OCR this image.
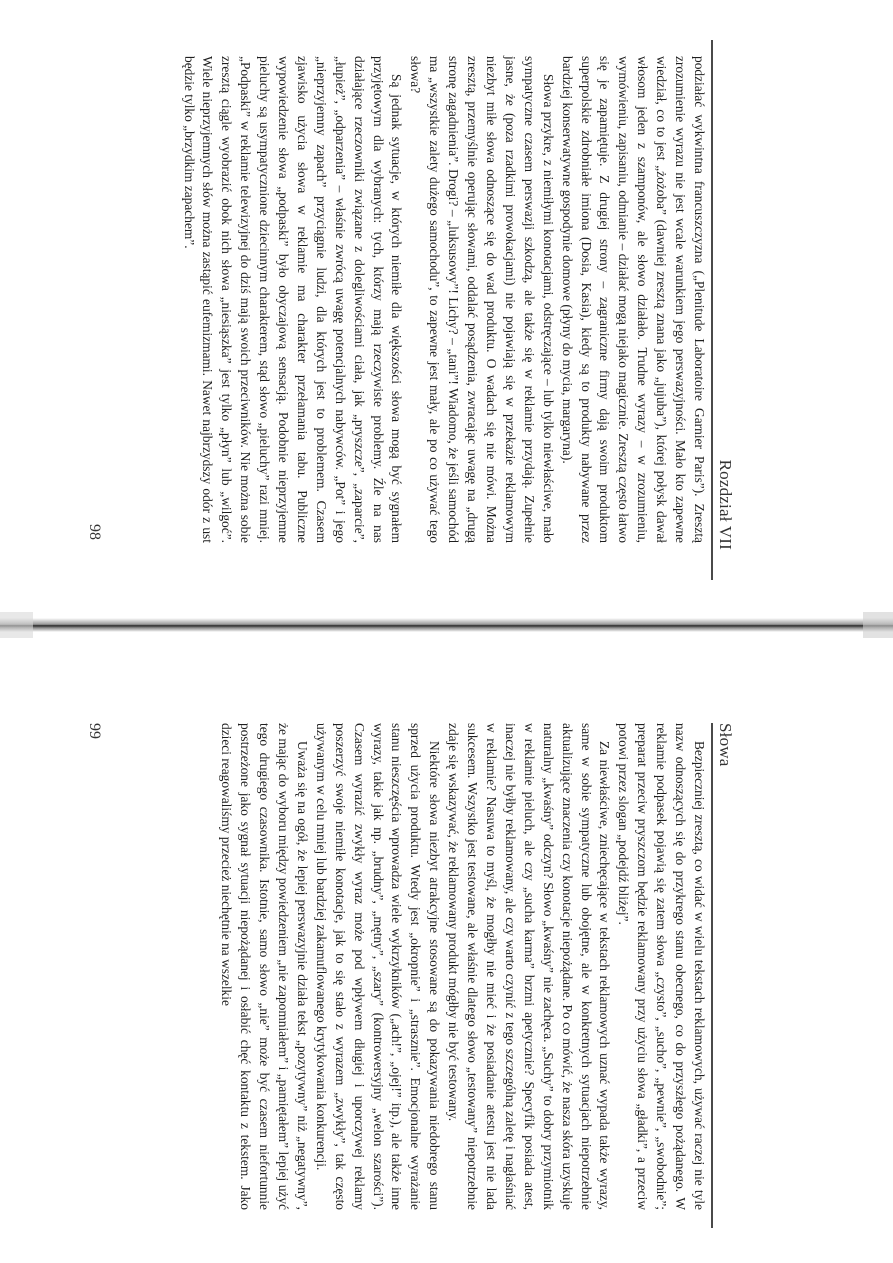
Rozdział VII

podziałać wykwintna francuszczyzna („Plenitude Laboratoire Garnier Paris”). Zresztą zrozumienie wyrazu nie jest wcale warunkiem jego perswazyjności. Mało kto zapewne wiedział, co to jest „żożoba” (dawniej zresztą znana jako „jujuba”), której połysk dawał włosom jeden z szamponów, ale słowo działało. Trudne wyrazy – w zrozumieniu, wymówieniu, zapisaniu, odmianie – działać mogą niejako magicznie. Zresztą często łatwo się je zapamiętuje. Z drugiej strony – zagraniczne firmy dają swoim produktom superpolskie zdrobniałe imiona (Dosia, Kasia), kiedy są to produkty nabywane przez bardziej konserwatywne gospodynie domowe (płyny do mycia, margaryna).

Słowa przykre, z niemiłymi konotacjami, odstręczające – lub tylko niewłaściwe, mało sympatyczne czasem perswazji szkodzą, ale także się w reklamie przydają. Zupełnie jasne, że (poza rzadkimi prowokacjami) nie pojawiają się w przekazie reklamowym niezbyt miłe słowa odnoszące się do wad produktu. O wadach się nie mówi. Można zresztą, przemyślnie operując słowami, oddalać posądzenia, zwracając uwagę na „drugą stronę zagadnienia”. Drogi? – „luksusowy”! Lichy? – „tani”! Wiadomo, że jeśli samochód ma „wszystkie zalety dużego samochodu”, to zapewne jest mały, ale po co używać tego słowa?

Są jednak sytuacje, w których niemiłe dla większości słowa mogą być sygnałem przyjętowym dla wybranych: tych, którzy mają rzeczywiste problemy. Źle na nas działające rzeczowniki związane z dolegliwościami ciała, jak „pryszcze”, „zaparcie”, „łupież”, „odparzenia” – właśnie zwrócą uwagę potencjalnych nabywców. „Pot” i jego „nieprzyjemny zapach” przyciągnie ludzi, dla których jest to problemem. Czasem zjawisko użycia słowa w reklamie ma charakter przełamania tabu. Publiczne wypowiedzenie słowa „podpaski” było obyczajową sensacją. Podobnie nieprzyjemne pieluchy są usympatycznione dziecinnym charakterem, stąd słowo „pieluchy” razi mniej. „Podpaski” w reklamie telewizyjnej do dziś mają swoich przeciwników. Nie można sobie zresztą ciągle wyobrazić obok nich słowa „niesiąszka” jest tylko „płyn” lub „wilgoć”. Wiele nieprzyjemnych słów można zastąpić eufemizmami. Nawet najbrzydszy odór z ust będzie tylko „brzydkim zapachem”.

98
Słowa

Bezpieczniej zresztą, co widać w wielu tekstach reklamowych, używać raczej nie tyle nazw odnoszących się do przykrego stanu obecnego, co do przyszłego pożądanego. W reklamie podpasek pojawią się zatem słowa „czysto”, „sucho”, „pewnie”, „swobodnie”; preparat przeciw pryszczom będzie reklamowany przy użyciu słowa „gładki”, a przeciw potowi przez slogan „podejdź bliżej”.

Za niewłaściwe, zniechęcające w tekstach reklamowych uznać wypada także wyrazy, same w sobie sympatyczne lub obojętne, ale w konkretnych sytuacjach niepotrzebnie aktualizujące znaczenia czy konotacje niepożądane. Po co mówić, że nasza skóra uzyskuje naturalny „kwaśny” odczyn? Słowo „kwaśny” nie zachęca. „Suchy” to dobry przymiotnik w reklamie pieluch, ale czy „sucha karma” brzmi apetycznie? Specyfik posiada atest, inaczej nie byłby reklamowany, ale czy warto czynić z tego szczególną zaletę i nagłaśniać w reklamie? Nasuwa to myśl, że mogłby nie mieć i że posiadanie atestu jest nie lada sukcesem. Wszystko jest testowane, ale właśnie dlatego słowo „testowany” niepotrzebnie zdaje się wskazywać, że reklamowany produkt mógłby nie być testowany.

Niektóre słowa niezbyt atrakcyjne stosowane są do pokazywania niedobrego stanu sprzed użycia produktu. Wtedy jest „okropnie” i „strasznie”. Emocjonalne wyrażanie stanu nieszczęścia wprowadza wiele wykrzykników („ach!”, „ojej!” itp.), ale także inne wyrazy, takie jak np. „brudny”, „mętny”, „szary” (kontrowersyjny „welon szarości”). Czasem wyrazić zwykły wyraz może pod wpływem długiej i uporczywej reklamy poszerzyć swoje niemiłe konotacje, jak to się stało z wyrazem „zwykły”, tak często używanym w celu mniej lub bardziej zakamuflowanego krytykowania konkurencji.

Uważa się na ogół, że lepiej perswazyjnie działa tekst „pozytywny” niż „negatywny”, że mając do wyboru między powiedzeniem „nie zapomniałem” i „pamiętałem” lepiej użyć tego drugiego czasownika. Istotnie, samo słowo „nie” może być czasem niefortunnie postrzeżone jako sygnał sytuacji niepożądanej i osłabić chęć kontaktu z tekstem. Jako dzieci reagowaliśmy przecież niechętnie na wszelkie

99
